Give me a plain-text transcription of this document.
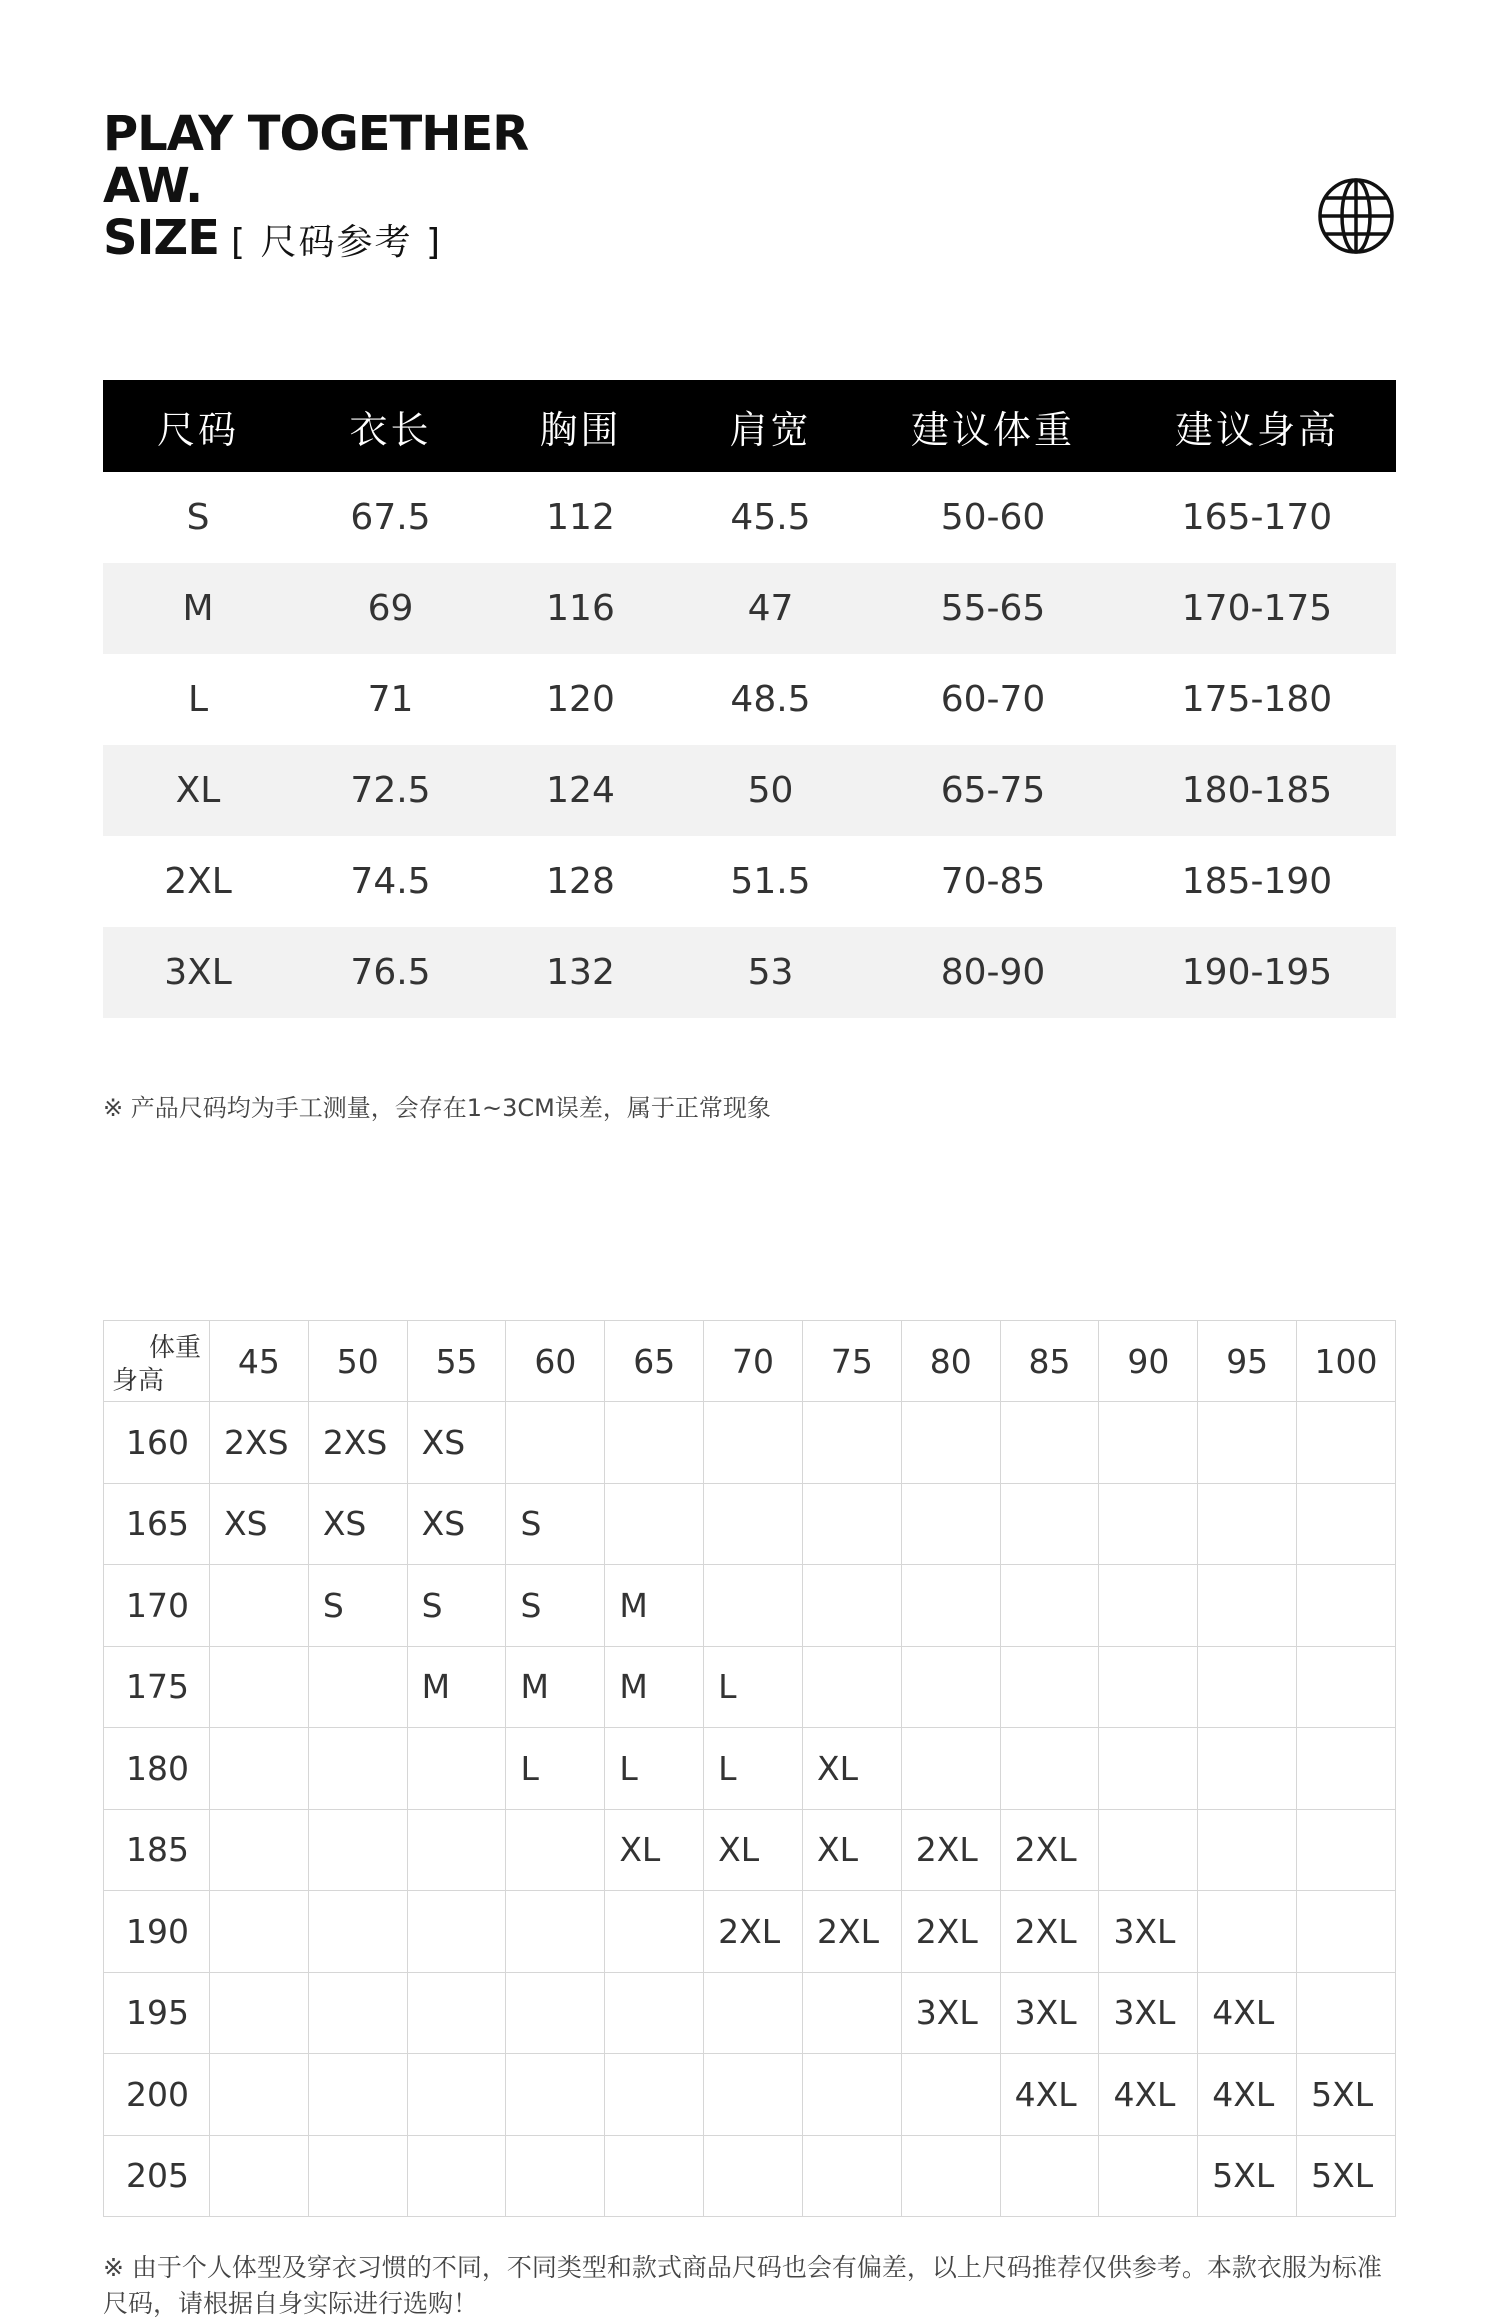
PLAY TOGETHER
AW.
SIZE [ 尺码参考 ]
尺码	衣长	胸围	肩宽	建议体重	建议身高
S	67.5	112	45.5	50-60	165-170
M	69	116	47	55-65	170-175
L	71	120	48.5	60-70	175-180
XL	72.5	124	50	65-75	180-185
2XL	74.5	128	51.5	70-85	185-190
3XL	76.5	132	53	80-90	190-195
※ 产品尺码均为手工测量，会存在1~3CM误差，属于正常现象
体重
身高	45	50	55	60	65	70	75	80	85	90	95	100
160	2XS	2XS	XS									
165	XS	XS	XS	S								
170		S	S	S	M							
175			M	M	M	L						
180				L	L	L	XL					
185					XL	XL	XL	2XL	2XL			
190						2XL	2XL	2XL	2XL	3XL		
195								3XL	3XL	3XL	4XL	
200									4XL	4XL	4XL	5XL
205											5XL	5XL
※ 由于个人体型及穿衣习惯的不同，不同类型和款式商品尺码也会有偏差，以上尺码推荐仅供参考。本款衣服为标准尺码，请根据自身实际进行选购！
